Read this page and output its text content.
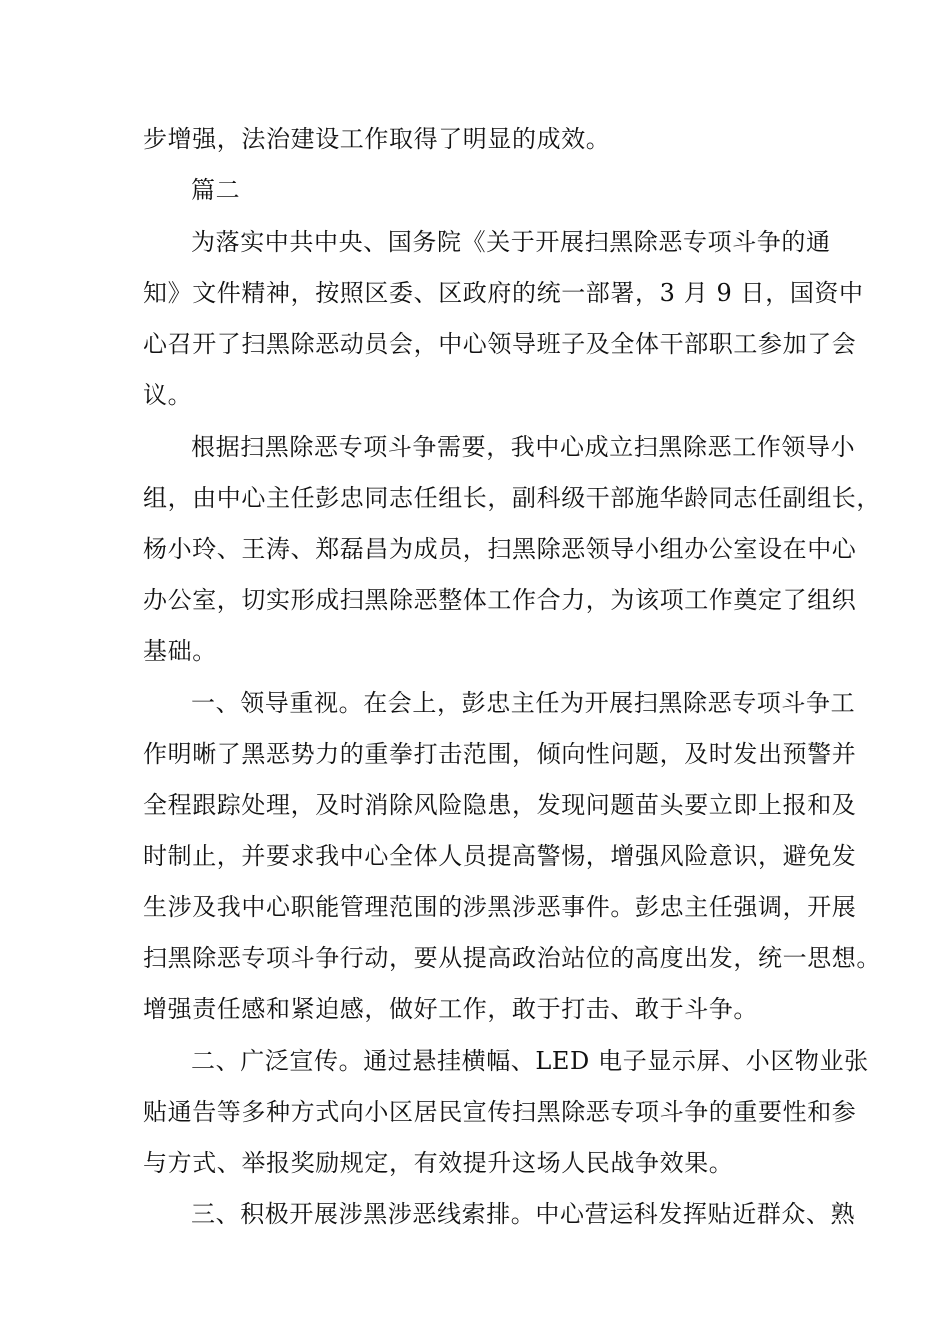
步增强，法治建设工作取得了明显的成效。
篇二
为落实中共中央、国务院《关于开展扫黑除恶专项斗争的通
知》文件精神，按照区委、区政府的统一部署，3 月 9 日，国资中
心召开了扫黑除恶动员会，中心领导班子及全体干部职工参加了会
议。
根据扫黑除恶专项斗争需要，我中心成立扫黑除恶工作领导小
组，由中心主任彭忠同志任组长，副科级干部施华龄同志任副组长，
杨小玲、王涛、郑磊昌为成员，扫黑除恶领导小组办公室设在中心
办公室，切实形成扫黑除恶整体工作合力，为该项工作奠定了组织
基础。
一、领导重视。在会上，彭忠主任为开展扫黑除恶专项斗争工
作明晰了黑恶势力的重拳打击范围，倾向性问题，及时发出预警并
全程跟踪处理，及时消除风险隐患，发现问题苗头要立即上报和及
时制止，并要求我中心全体人员提高警惕，增强风险意识，避免发
生涉及我中心职能管理范围的涉黑涉恶事件。彭忠主任强调，开展
扫黑除恶专项斗争行动，要从提高政治站位的高度出发，统一思想。
增强责任感和紧迫感，做好工作，敢于打击、敢于斗争。
二、广泛宣传。通过悬挂横幅、LED 电子显示屏、小区物业张
贴通告等多种方式向小区居民宣传扫黑除恶专项斗争的重要性和参
与方式、举报奖励规定，有效提升这场人民战争效果。
三、积极开展涉黑涉恶线索排。中心营运科发挥贴近群众、熟
